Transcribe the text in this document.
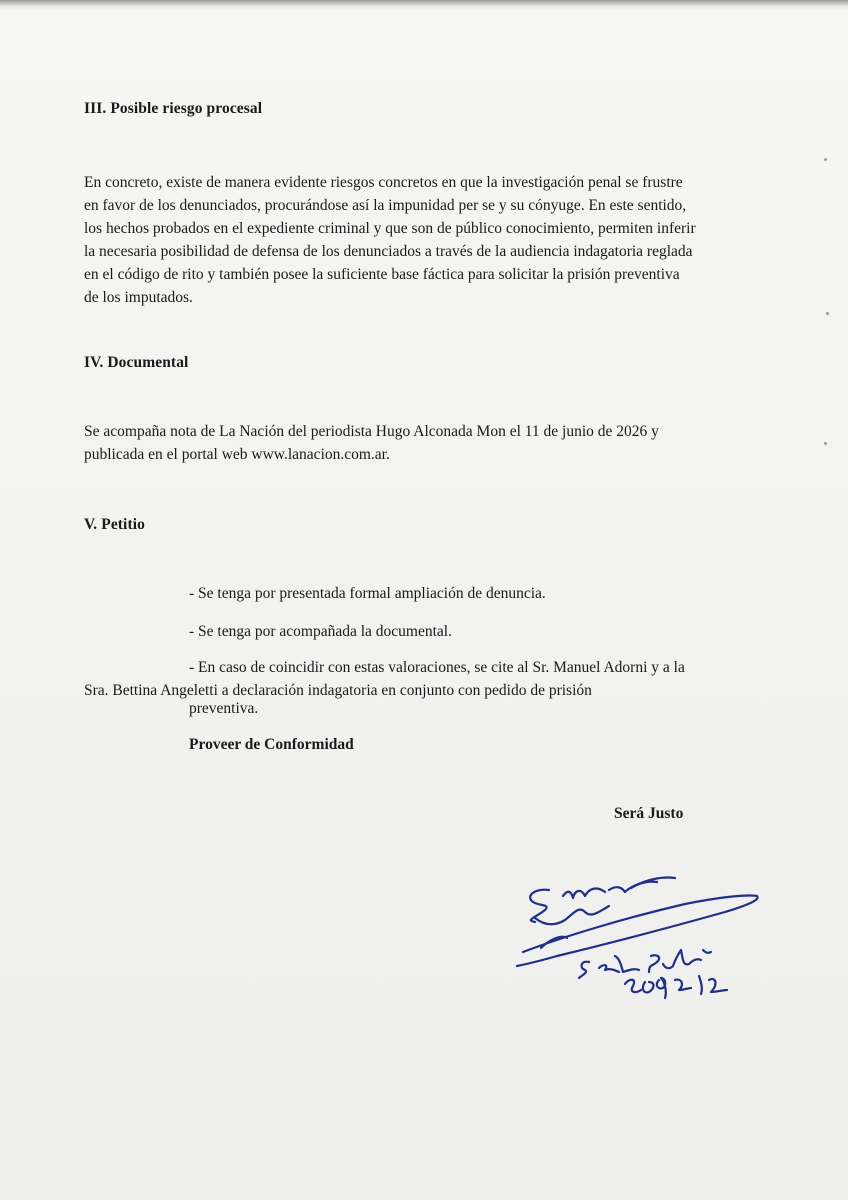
III. Posible riesgo procesal

En concreto, existe de manera evidente riesgos concretos en que la investigación penal se frustre
en favor de los denunciados, procurándose así la impunidad per se y su cónyuge. En este sentido,
los hechos probados en el expediente criminal y que son de público conocimiento, permiten inferir
la necesaria posibilidad de defensa de los denunciados a través de la audiencia indagatoria reglada
en el código de rito y también posee la suficiente base fáctica para solicitar la prisión preventiva
de los imputados.

IV. Documental

Se acompaña nota de La Nación del periodista Hugo Alconada Mon el 11 de junio de 2026 y
publicada en el portal web www.lanacion.com.ar.

V. Petitio

- Se tenga por presentada formal ampliación de denuncia.

- Se tenga por acompañada la documental.

- En caso de coincidir con estas valoraciones, se cite al Sr. Manuel Adorni y a la

Sra. Bettina Angeletti a declaración indagatoria en conjunto con pedido de prisión

preventiva.

Proveer de Conformidad

Será Justo
